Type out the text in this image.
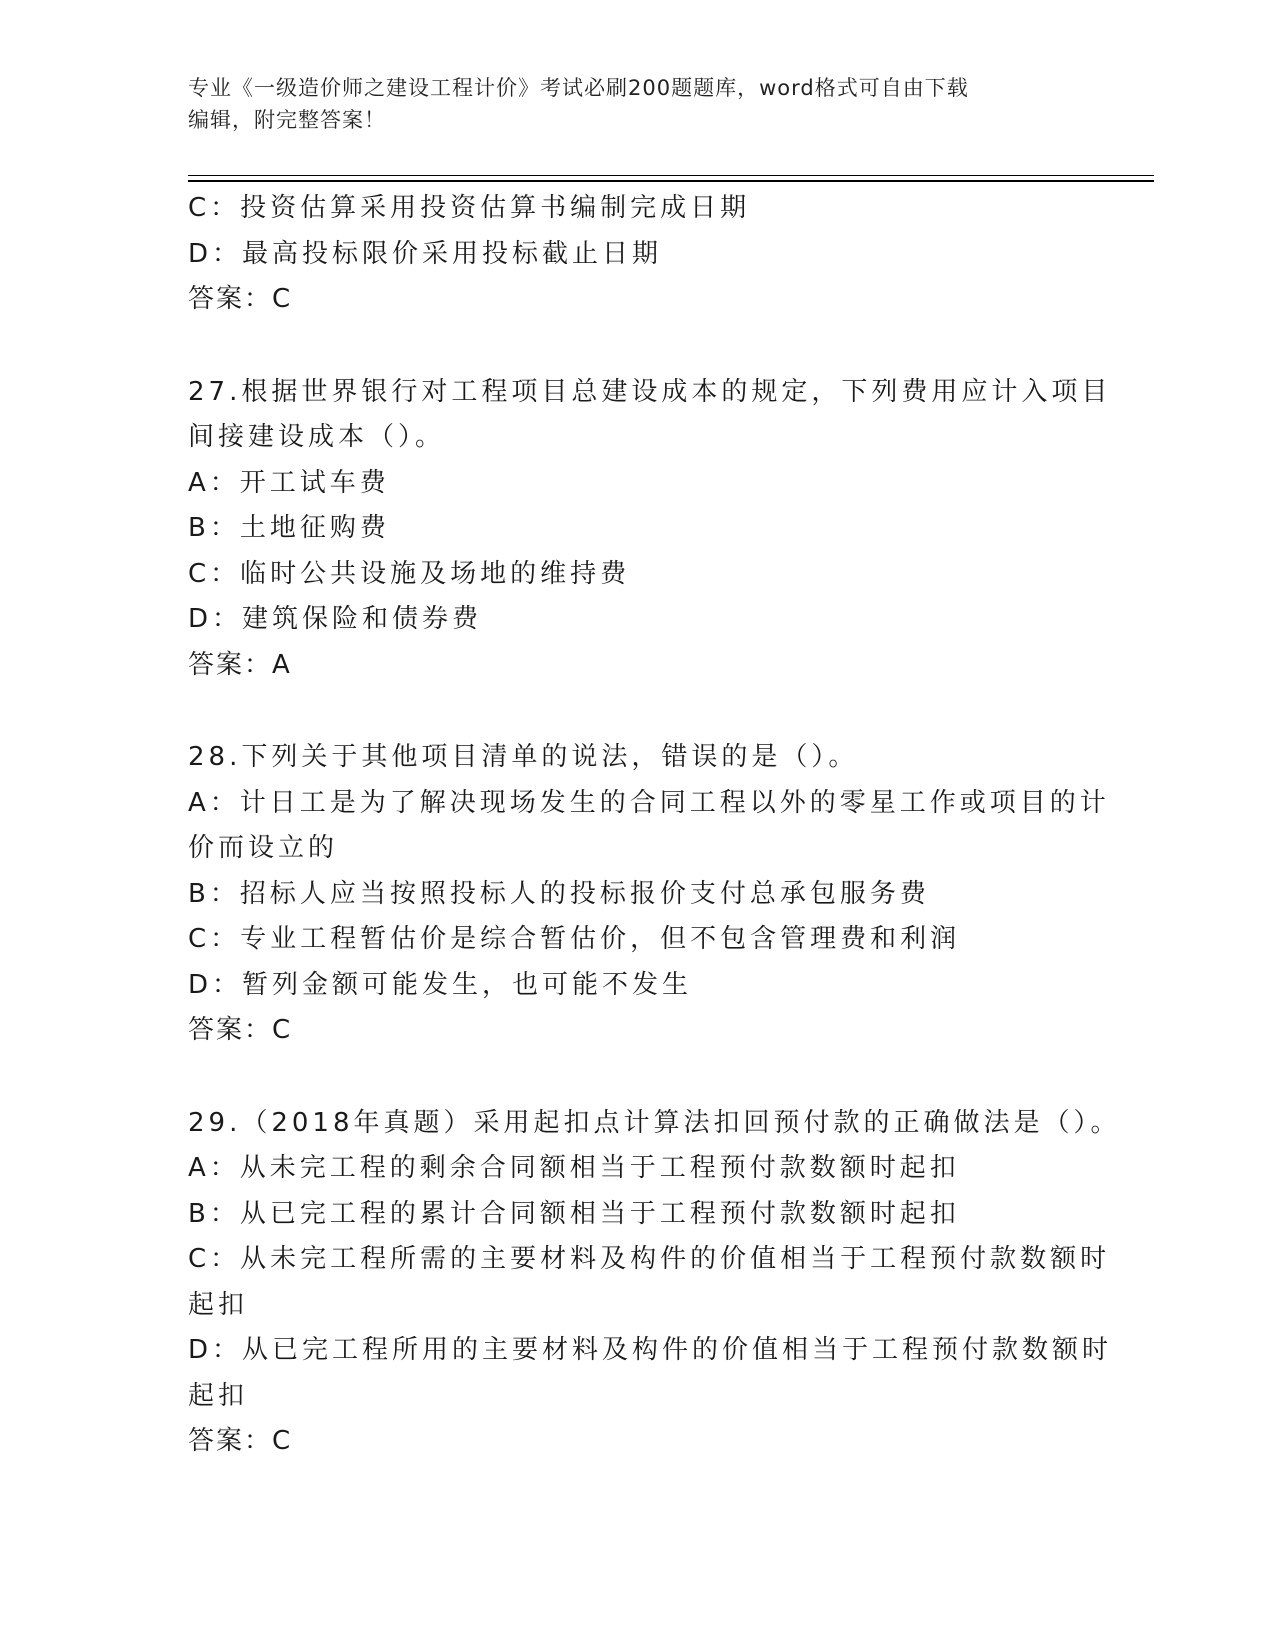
专业《一级造价师之建设工程计价》考试必刷200题题库，word格式可自由下载
编辑，附完整答案！
C：投资估算采用投资估算书编制完成日期
D：最高投标限价采用投标截止日期
答案：C
27.根据世界银行对工程项目总建设成本的规定，下列费用应计入项目
间接建设成本（）。
A：开工试车费
B：土地征购费
C：临时公共设施及场地的维持费
D：建筑保险和债券费
答案：A
28.下列关于其他项目清单的说法，错误的是（）。
A：计日工是为了解决现场发生的合同工程以外的零星工作或项目的计
价而设立的
B：招标人应当按照投标人的投标报价支付总承包服务费
C：专业工程暂估价是综合暂估价，但不包含管理费和利润
D：暂列金额可能发生，也可能不发生
答案：C
29.（2018年真题）采用起扣点计算法扣回预付款的正确做法是（）。
A：从未完工程的剩余合同额相当于工程预付款数额时起扣
B：从已完工程的累计合同额相当于工程预付款数额时起扣
C：从未完工程所需的主要材料及构件的价值相当于工程预付款数额时
起扣
D：从已完工程所用的主要材料及构件的价值相当于工程预付款数额时
起扣
答案：C
